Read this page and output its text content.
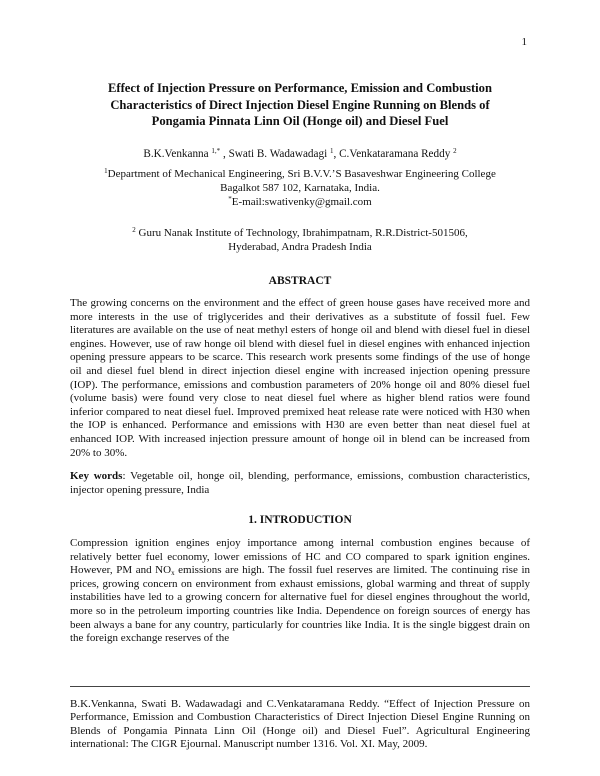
1
Effect of Injection Pressure on Performance, Emission and Combustion
Characteristics of Direct Injection Diesel Engine Running on Blends of
Pongamia Pinnata Linn Oil (Honge oil) and Diesel Fuel
B.K.Venkanna $^{1,*}$ , Swati B. Wadawadagi $^1$, C.Venkataramana Reddy $^2$
$^1$Department of Mechanical Engineering, Sri B.V.V.’S Basaveshwar Engineering College
Bagalkot 587 102, Karnataka, India.
*E-mail:swativenky@gmail.com
$^2$ Guru Nanak Institute of Technology, Ibrahimpatnam, R.R.District-501506,
Hyderabad, Andra Pradesh India
ABSTRACT

The growing concerns on the environment and the effect of green house gases have received more and more interests in the use of triglycerides and their derivatives as a substitute of fossil fuel. Few literatures are available on the use of neat methyl esters of honge oil and blend with diesel fuel in diesel engines. However, use of raw honge oil blend with diesel fuel in diesel engines with enhanced injection opening pressure appears to be scarce. This research work presents some findings of the use of honge oil and diesel fuel blend in direct injection diesel engine with increased injection opening pressure (IOP). The performance, emissions and combustion parameters of 20% honge oil and 80% diesel fuel (volume basis) were found very close to neat diesel fuel where as higher blend ratios were found inferior compared to neat diesel fuel. Improved premixed heat release rate were noticed with H30 when the IOP is enhanced. Performance and emissions with H30 are even better than neat diesel fuel at enhanced IOP. With increased injection pressure amount of honge oil in blend can be increased from 20% to 30%.

Key words: Vegetable oil, honge oil, blending, performance, emissions, combustion characteristics, injector opening pressure, India

1. INTRODUCTION

Compression ignition engines enjoy importance among internal combustion engines because of relatively better fuel economy, lower emissions of HC and CO compared to spark ignition engines. However, PM and $NO_x$ emissions are high. The fossil fuel reserves are limited. The continuing rise in prices, growing concern on environment from exhaust emissions, global warming and threat of supply instabilities have led to a growing concern for alternative fuel for diesel engines throughout the world, more so in the petroleum importing countries like India. Dependence on foreign sources of energy has been always a bane for any country, particularly for countries like India. It is the single biggest drain on the foreign exchange reserves of the

B.K.Venkanna, Swati B. Wadawadagi and C.Venkataramana Reddy. “Effect of Injection Pressure on Performance, Emission and Combustion Characteristics of Direct Injection Diesel Engine Running on Blends of Pongamia Pinnata Linn Oil (Honge oil) and Diesel Fuel”. Agricultural Engineering international: The CIGR Ejournal. Manuscript number 1316. Vol. XI. May, 2009.
